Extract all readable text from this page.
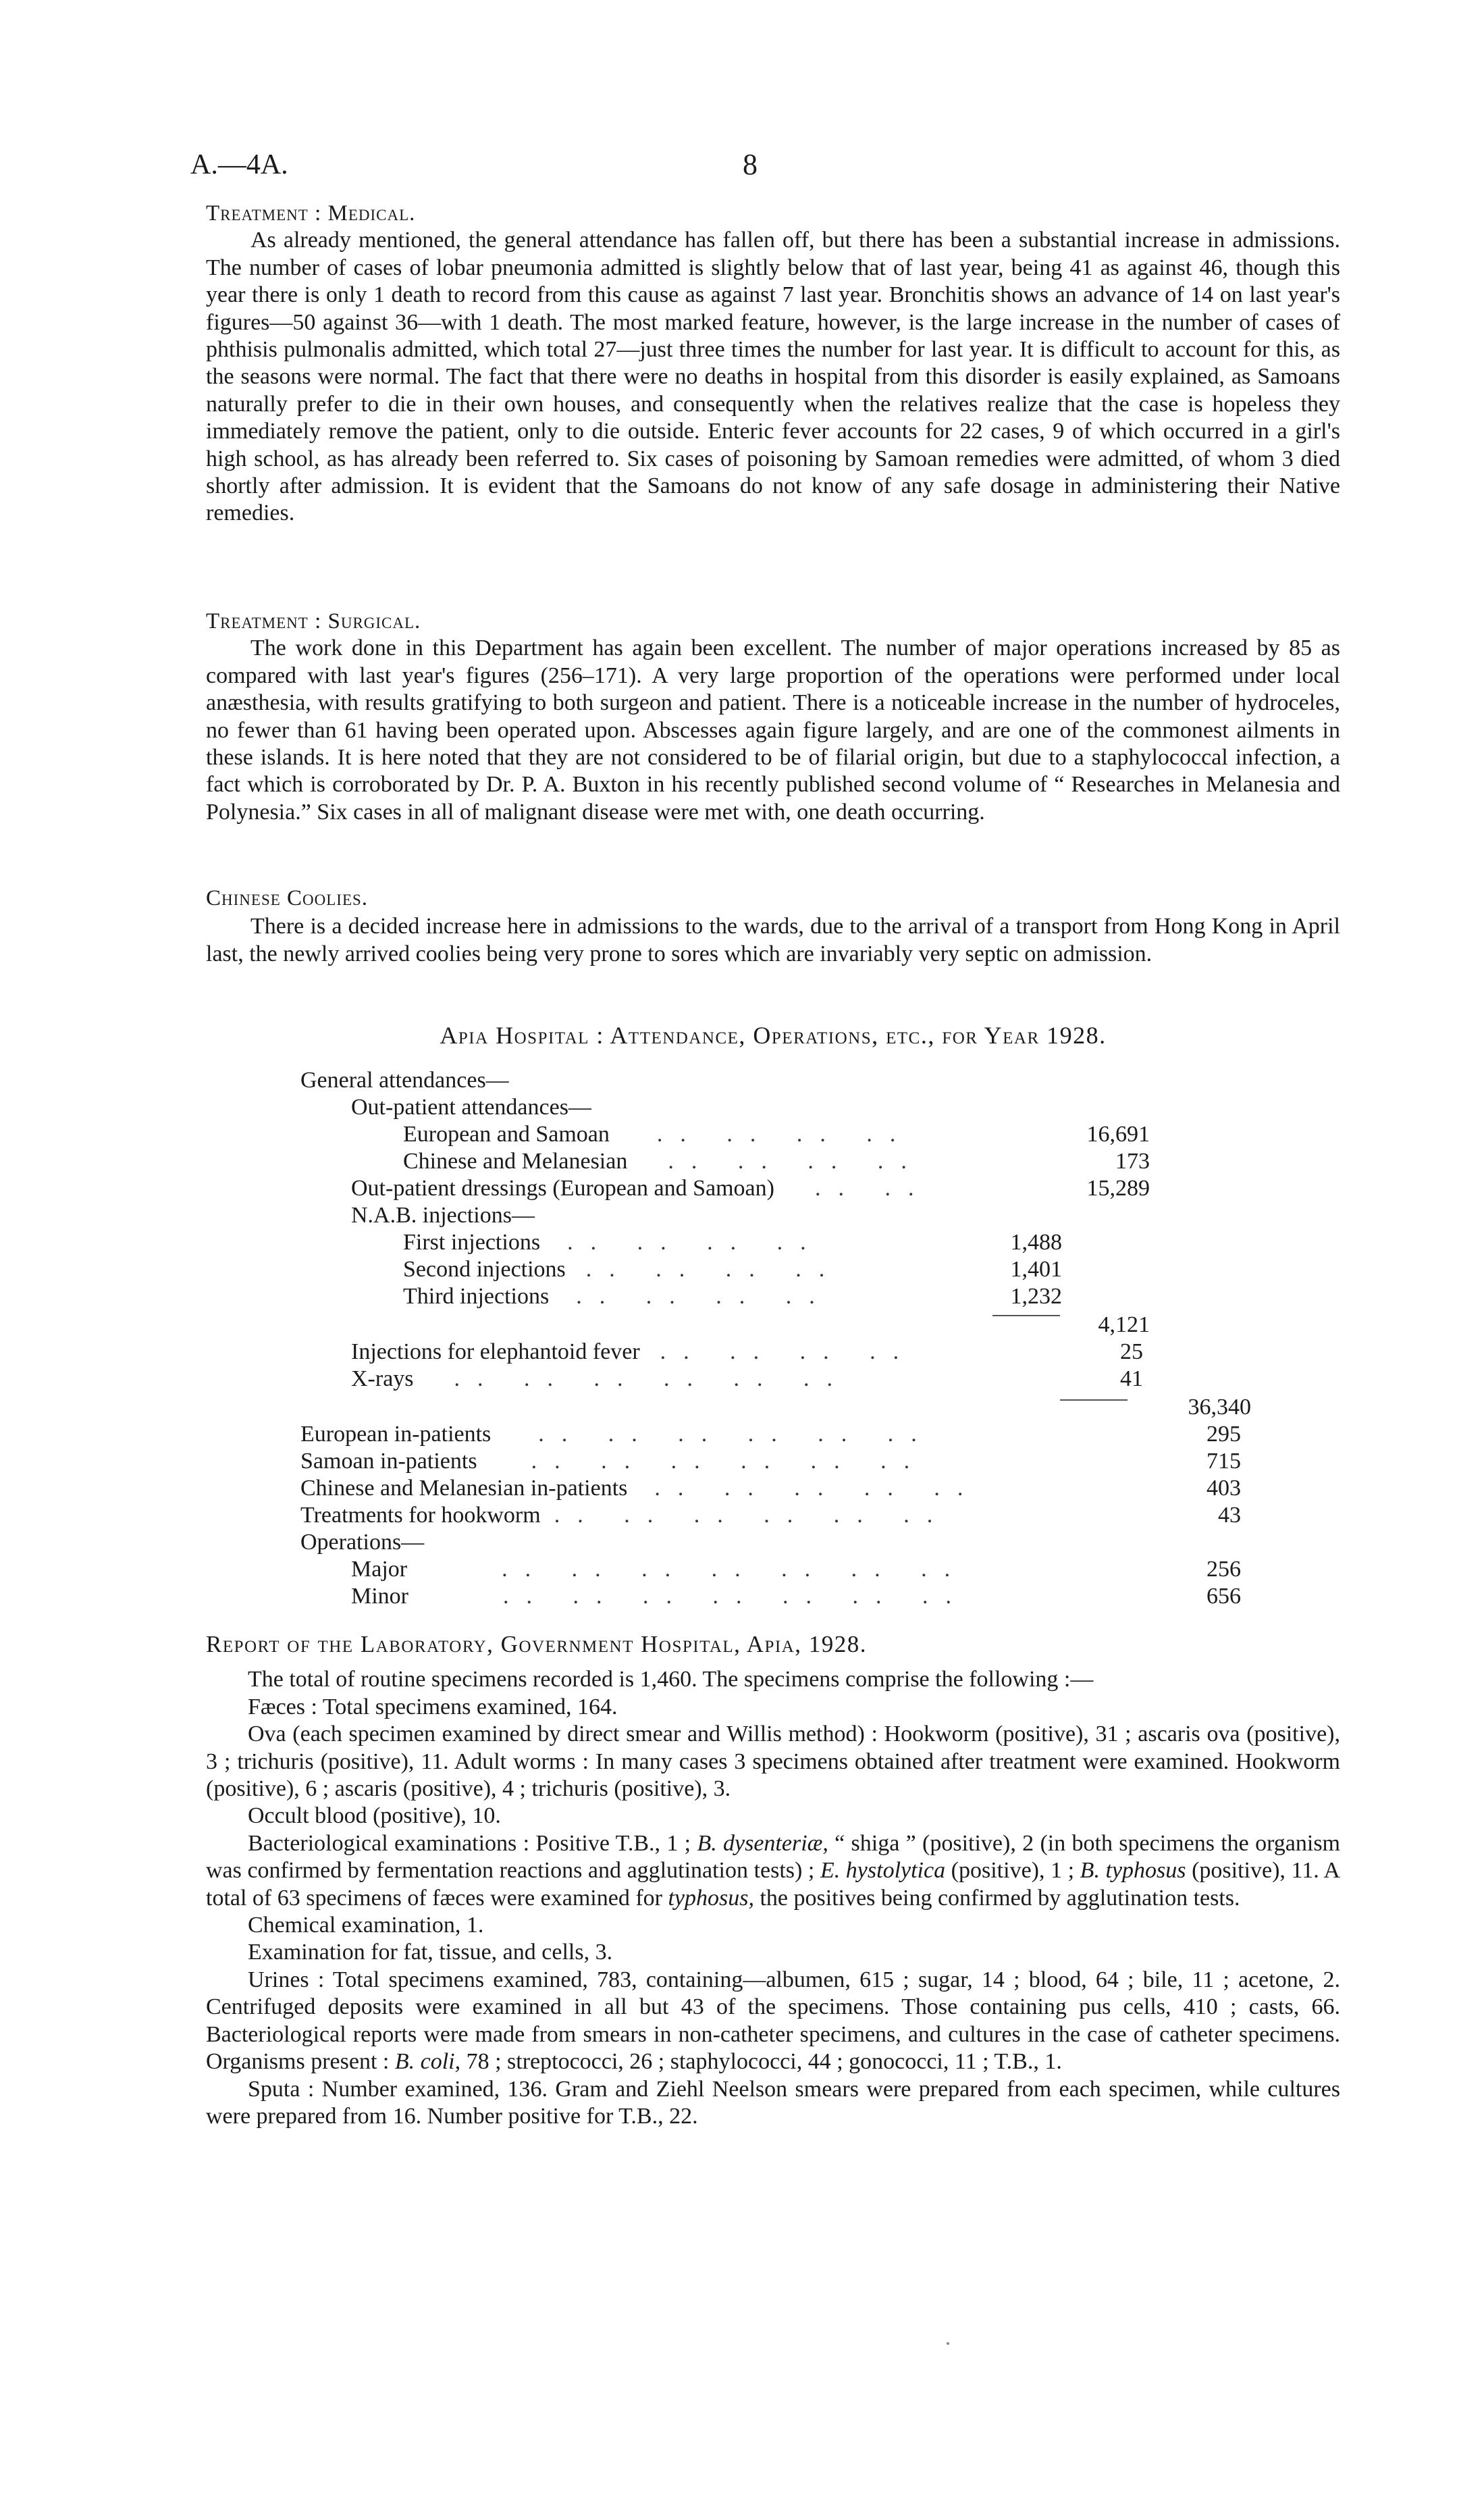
A.—4A.	8

Treatment : Medical.

As already mentioned, the general attendance has fallen off, but there has been a substantial increase in admissions. The number of cases of lobar pneumonia admitted is slightly below that of last year, being 41 as against 46, though this year there is only 1 death to record from this cause as against 7 last year. Bronchitis shows an advance of 14 on last year's figures—50 against 36—with 1 death. The most marked feature, however, is the large increase in the number of cases of phthisis pulmonalis admitted, which total 27—just three times the number for last year. It is difficult to account for this, as the seasons were normal. The fact that there were no deaths in hospital from this disorder is easily explained, as Samoans naturally prefer to die in their own houses, and consequently when the relatives realize that the case is hopeless they immediately remove the patient, only to die outside. Enteric fever accounts for 22 cases, 9 of which occurred in a girl's high school, as has already been referred to. Six cases of poisoning by Samoan remedies were admitted, of whom 3 died shortly after admission. It is evident that the Samoans do not know of any safe dosage in administering their Native remedies.

Treatment : Surgical.

The work done in this Department has again been excellent. The number of major operations increased by 85 as compared with last year's figures (256–171). A very large proportion of the operations were performed under local anæsthesia, with results gratifying to both surgeon and patient. There is a noticeable increase in the number of hydroceles, no fewer than 61 having been operated upon. Abscesses again figure largely, and are one of the commonest ailments in these islands. It is here noted that they are not considered to be of filarial origin, but due to a staphylococcal infection, a fact which is corroborated by Dr. P. A. Buxton in his recently published second volume of “ Researches in Melanesia and Polynesia.” Six cases in all of malignant disease were met with, one death occurring.

Chinese Coolies.

There is a decided increase here in admissions to the wards, due to the arrival of a transport from Hong Kong in April last, the newly arrived coolies being very prone to sores which are invariably very septic on admission.

Apia Hospital : Attendance, Operations, etc., for Year 1928.
General attendances—
Out-patient attendances—
European and Samoan .. .. .. ..	16,691
Chinese and Melanesian .. .. .. ..	173
Out-patient dressings (European and Samoan) .. ..	15,289
N.A.B. injections—
First injections .. .. .. ..	1,488
Second injections .. .. .. ..	1,401
Third injections .. .. .. ..	1,232
4,121
Injections for elephantoid fever .. .. .. ..	25
X-rays .. .. .. .. .. ..	41
36,340
European in-patients .. .. .. .. .. ..	295
Samoan in-patients .. .. .. .. .. ..	715
Chinese and Melanesian in-patients .. .. .. .. ..	403
Treatments for hookworm .. .. .. .. .. ..	43
Operations—
Major	.. .. .. .. .. .. ..	256
Minor	.. .. .. .. .. .. ..	656

Report of the Laboratory, Government Hospital, Apia, 1928.

The total of routine specimens recorded is 1,460. The specimens comprise the following :—

Fæces : Total specimens examined, 164.

Ova (each specimen examined by direct smear and Willis method) : Hookworm (positive), 31 ; ascaris ova (positive), 3 ; trichuris (positive), 11. Adult worms : In many cases 3 specimens obtained after treatment were examined. Hookworm (positive), 6 ; ascaris (positive), 4 ; trichuris (positive), 3.

Occult blood (positive), 10.

Bacteriological examinations : Positive T.B., 1 ; B. dysenteriæ, “ shiga ” (positive), 2 (in both specimens the organism was confirmed by fermentation reactions and agglutination tests) ; E. hystolytica (positive), 1 ; B. typhosus (positive), 11. A total of 63 specimens of fæces were examined for typhosus, the positives being confirmed by agglutination tests.

Chemical examination, 1.

Examination for fat, tissue, and cells, 3.

Urines : Total specimens examined, 783, containing—albumen, 615 ; sugar, 14 ; blood, 64 ; bile, 11 ; acetone, 2. Centrifuged deposits were examined in all but 43 of the specimens. Those containing pus cells, 410 ; casts, 66. Bacteriological reports were made from smears in non-catheter specimens, and cultures in the case of catheter specimens. Organisms present : B. coli, 78 ; streptococci, 26 ; staphylococci, 44 ; gonococci, 11 ; T.B., 1.

Sputa : Number examined, 136. Gram and Ziehl Neelson smears were prepared from each specimen, while cultures were prepared from 16. Number positive for T.B., 22.
